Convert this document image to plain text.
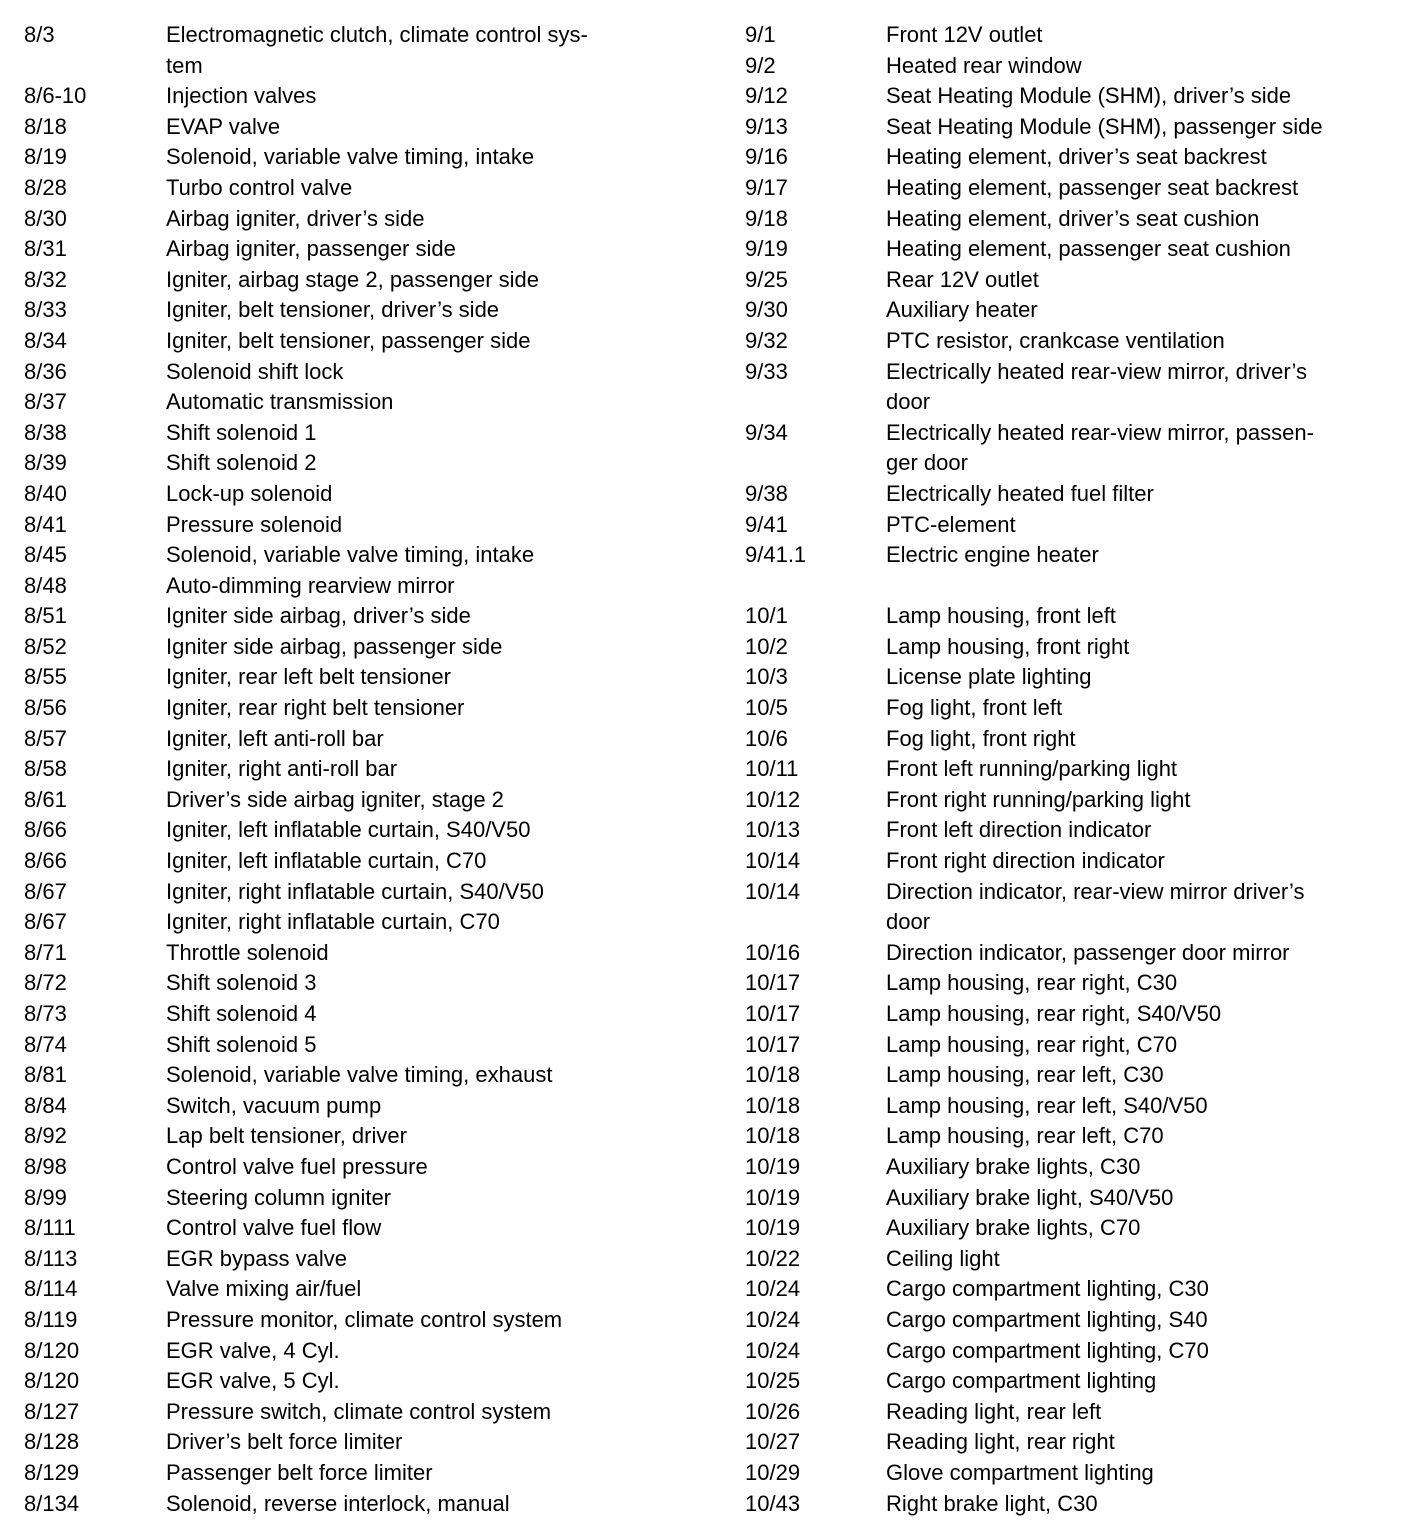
8/3	Electromagnetic clutch, climate control sys-
tem
8/6-10	Injection valves
8/18	EVAP valve
8/19	Solenoid, variable valve timing, intake
8/28	Turbo control valve
8/30	Airbag igniter, driver’s side
8/31	Airbag igniter, passenger side
8/32	Igniter, airbag stage 2, passenger side
8/33	Igniter, belt tensioner, driver’s side
8/34	Igniter, belt tensioner, passenger side
8/36	Solenoid shift lock
8/37	Automatic transmission
8/38	Shift solenoid 1
8/39	Shift solenoid 2
8/40	Lock-up solenoid
8/41	Pressure solenoid
8/45	Solenoid, variable valve timing, intake
8/48	Auto-dimming rearview mirror
8/51	Igniter side airbag, driver’s side
8/52	Igniter side airbag, passenger side
8/55	Igniter, rear left belt tensioner
8/56	Igniter, rear right belt tensioner
8/57	Igniter, left anti-roll bar
8/58	Igniter, right anti-roll bar
8/61	Driver’s side airbag igniter, stage 2
8/66	Igniter, left inflatable curtain, S40/V50
8/66	Igniter, left inflatable curtain, C70
8/67	Igniter, right inflatable curtain, S40/V50
8/67	Igniter, right inflatable curtain, C70
8/71	Throttle solenoid
8/72	Shift solenoid 3
8/73	Shift solenoid 4
8/74	Shift solenoid 5
8/81	Solenoid, variable valve timing, exhaust
8/84	Switch, vacuum pump
8/92	Lap belt tensioner, driver
8/98	Control valve fuel pressure
8/99	Steering column igniter
8/111	Control valve fuel flow
8/113	EGR bypass valve
8/114	Valve mixing air/fuel
8/119	Pressure monitor, climate control system
8/120	EGR valve, 4 Cyl.
8/120	EGR valve, 5 Cyl.
8/127	Pressure switch, climate control system
8/128	Driver’s belt force limiter
8/129	Passenger belt force limiter
8/134	Solenoid, reverse interlock, manual
9/1	Front 12V outlet
9/2	Heated rear window
9/12	Seat Heating Module (SHM), driver’s side
9/13	Seat Heating Module (SHM), passenger side
9/16	Heating element, driver’s seat backrest
9/17	Heating element, passenger seat backrest
9/18	Heating element, driver’s seat cushion
9/19	Heating element, passenger seat cushion
9/25	Rear 12V outlet
9/30	Auxiliary heater
9/32	PTC resistor, crankcase ventilation
9/33	Electrically heated rear-view mirror, driver’s
door
9/34	Electrically heated rear-view mirror, passen-
ger door
9/38	Electrically heated fuel filter
9/41	PTC-element
9/41.1	Electric engine heater
10/1	Lamp housing, front left
10/2	Lamp housing, front right
10/3	License plate lighting
10/5	Fog light, front left
10/6	Fog light, front right
10/11	Front left running/parking light
10/12	Front right running/parking light
10/13	Front left direction indicator
10/14	Front right direction indicator
10/14	Direction indicator, rear-view mirror driver’s
door
10/16	Direction indicator, passenger door mirror
10/17	Lamp housing, rear right, C30
10/17	Lamp housing, rear right, S40/V50
10/17	Lamp housing, rear right, C70
10/18	Lamp housing, rear left, C30
10/18	Lamp housing, rear left, S40/V50
10/18	Lamp housing, rear left, C70
10/19	Auxiliary brake lights, C30
10/19	Auxiliary brake light, S40/V50
10/19	Auxiliary brake lights, C70
10/22	Ceiling light
10/24	Cargo compartment lighting, C30
10/24	Cargo compartment lighting, S40
10/24	Cargo compartment lighting, C70
10/25	Cargo compartment lighting
10/26	Reading light, rear left
10/27	Reading light, rear right
10/29	Glove compartment lighting
10/43	Right brake light, C30
